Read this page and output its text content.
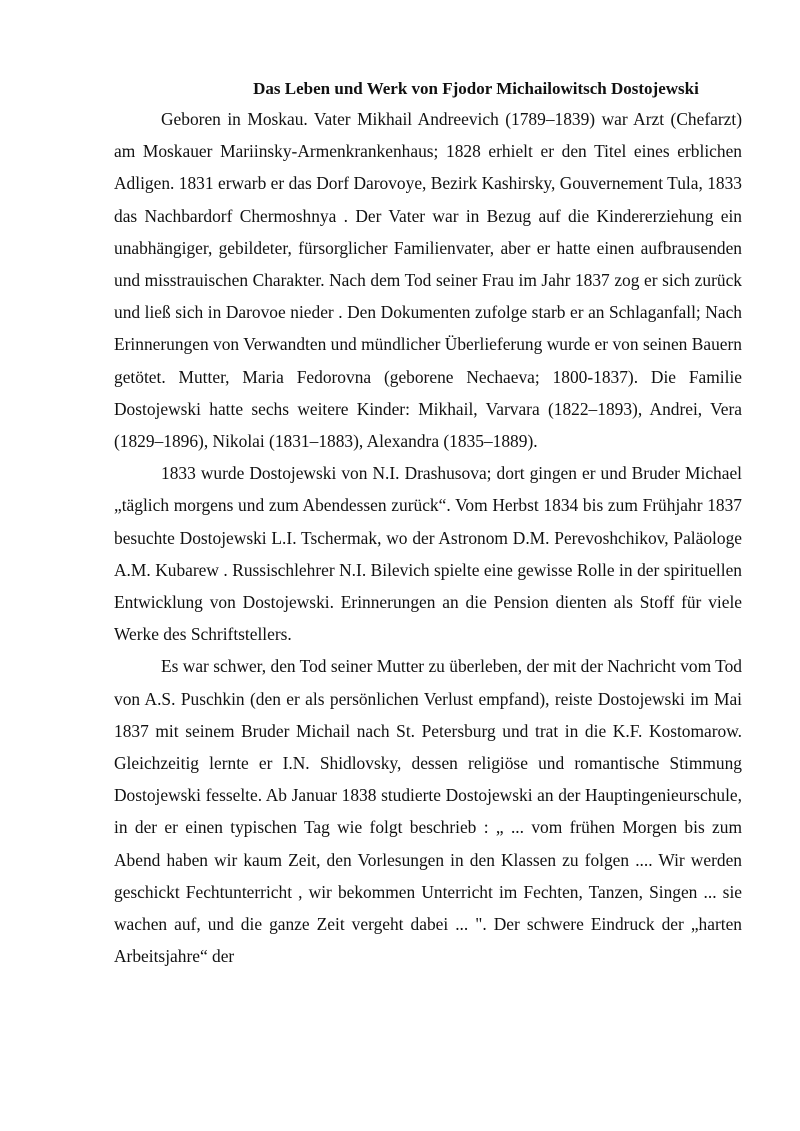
Das Leben und Werk von Fjodor Michailowitsch Dostojewski

Geboren in Moskau. Vater Mikhail Andreevich (1789–1839) war Arzt (Chefarzt) am Moskauer Mariinsky-Armenkrankenhaus; 1828 erhielt er den Titel eines erblichen Adligen. 1831 erwarb er das Dorf Darovoye, Bezirk Kashirsky, Gouvernement Tula, 1833 das Nachbardorf Chermoshnya . Der Vater war in Bezug auf die Kindererziehung ein unabhängiger, gebildeter, fürsorglicher Familienvater, aber er hatte einen aufbrausenden und misstrauischen Charakter. Nach dem Tod seiner Frau im Jahr 1837 zog er sich zurück und ließ sich in Darovoe nieder . Den Dokumenten zufolge starb er an Schlaganfall; Nach Erinnerungen von Verwandten und mündlicher Überlieferung wurde er von seinen Bauern getötet. Mutter, Maria Fedorovna (geborene Nechaeva; 1800-1837). Die Familie Dostojewski hatte sechs weitere Kinder: Mikhail, Varvara (1822–1893), Andrei, Vera (1829–1896), Nikolai (1831–1883), Alexandra (1835–1889).

1833 wurde Dostojewski von N.I. Drashusova; dort gingen er und Bruder Michael „täglich morgens und zum Abendessen zurück“. Vom Herbst 1834 bis zum Frühjahr 1837 besuchte Dostojewski L.I. Tschermak, wo der Astronom D.M. Perevoshchikov, Paläologe A.M. Kubarew . Russischlehrer N.I. Bilevich spielte eine gewisse Rolle in der spirituellen Entwicklung von Dostojewski. Erinnerungen an die Pension dienten als Stoff für viele Werke des Schriftstellers.

Es war schwer, den Tod seiner Mutter zu überleben, der mit der Nachricht vom Tod von A.S. Puschkin (den er als persönlichen Verlust empfand), reiste Dostojewski im Mai 1837 mit seinem Bruder Michail nach St. Petersburg und trat in die K.F. Kostomarow. Gleichzeitig lernte er I.N. Shidlovsky, dessen religiöse und romantische Stimmung Dostojewski fesselte. Ab Januar 1838 studierte Dostojewski an der Hauptingenieurschule, in der er einen typischen Tag wie folgt beschrieb : „ ... vom frühen Morgen bis zum Abend haben wir kaum Zeit, den Vorlesungen in den Klassen zu folgen .... Wir werden geschickt Fechtunterricht , wir bekommen Unterricht im Fechten, Tanzen, Singen ... sie wachen auf, und die ganze Zeit vergeht dabei ... ". Der schwere Eindruck der „harten Arbeitsjahre“ der
